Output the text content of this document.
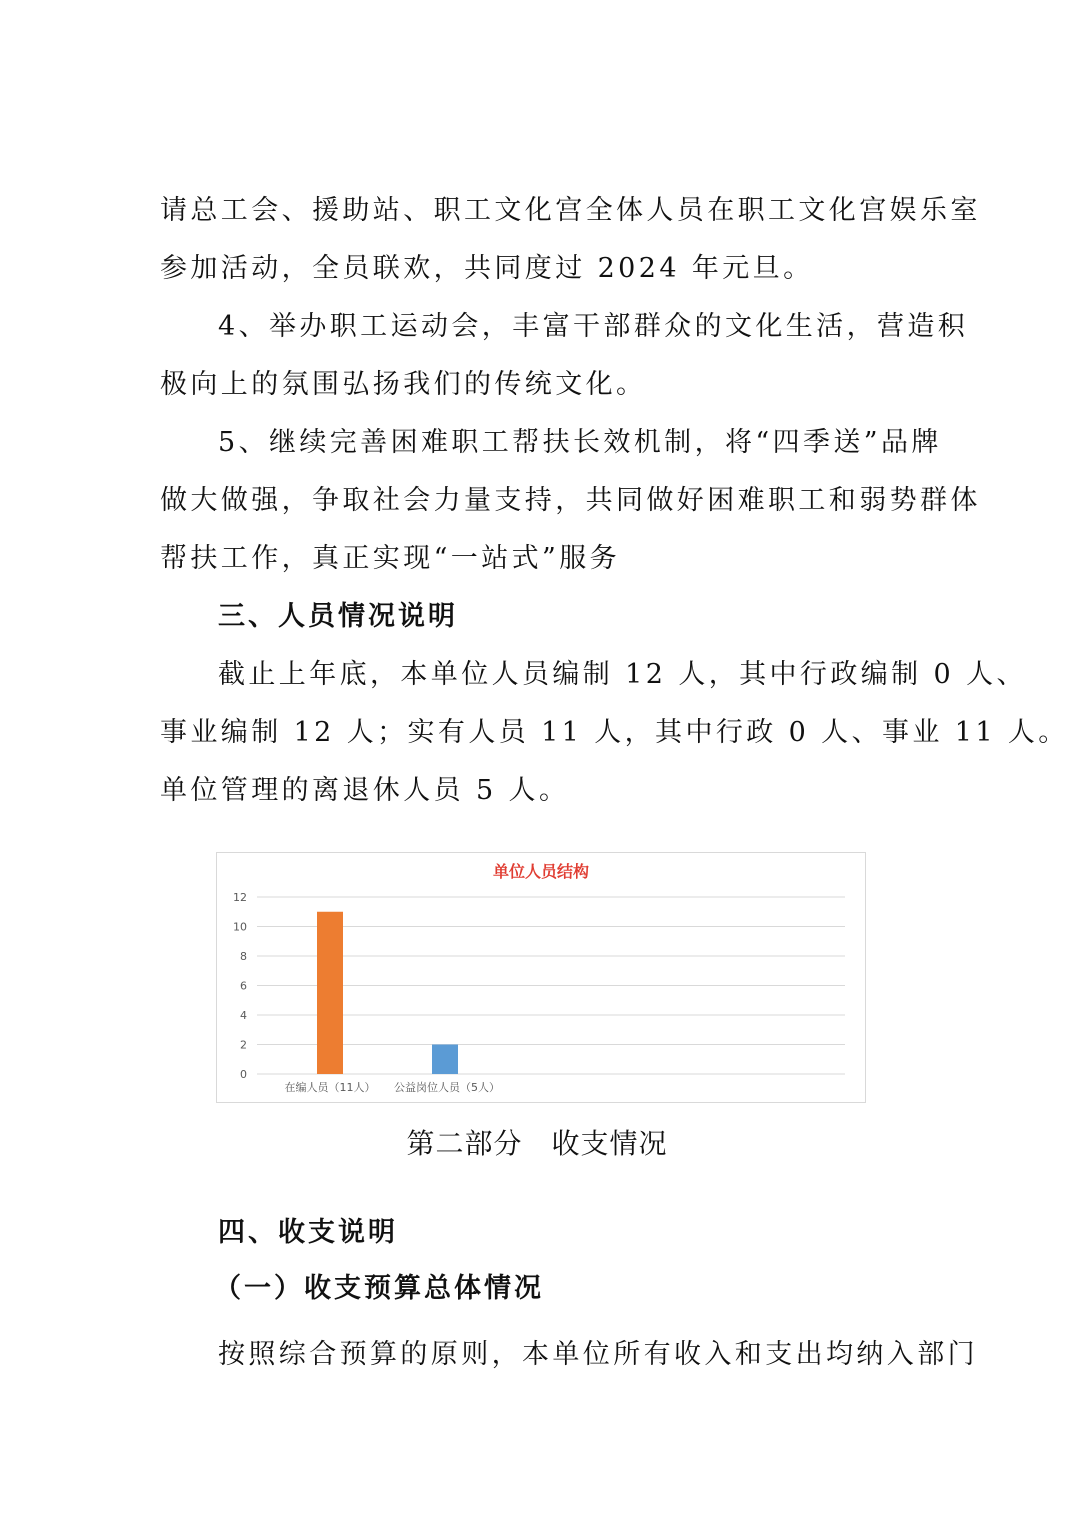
请总工会、援助站、职工文化宫全体人员在职工文化宫娱乐室
参加活动，全员联欢，共同度过 2024 年元旦。
4、举办职工运动会，丰富干部群众的文化生活，营造积
极向上的氛围弘扬我们的传统文化。
5、继续完善困难职工帮扶长效机制，将“四季送”品牌
做大做强，争取社会力量支持，共同做好困难职工和弱势群体
帮扶工作，真正实现“一站式”服务
三、人员情况说明
截止上年底，本单位人员编制 12 人，其中行政编制 0 人、
事业编制 12 人；实有人员 11 人，其中行政 0 人、事业 11 人。
单位管理的离退休人员 5 人。
单位人员结构
0
2
4
6
8
10
12
在编人员（11人） 公益岗位人员（5人）
第二部分　收支情况
四、收支说明
（一）收支预算总体情况
按照综合预算的原则，本单位所有收入和支出均纳入部门
